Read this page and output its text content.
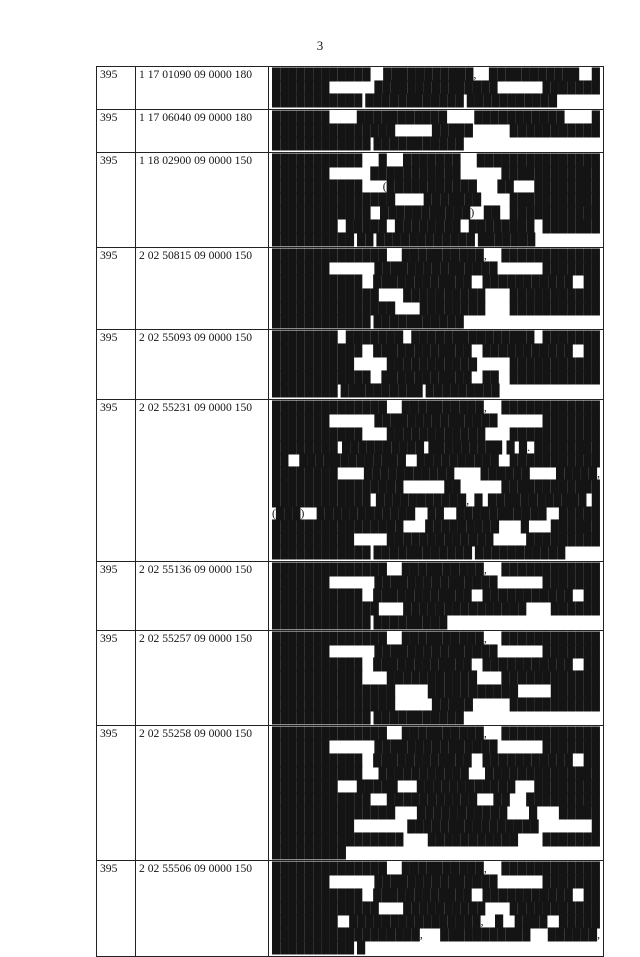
3
395	1 17 01090 09 0000 180	████████████ ███████████, ███████████ █ ███████ ███████████████ ███████ ███████████ ████████████ ███████████
395	1 17 06040 09 0000 180	███████ ███████████ ███████████ █ ███████████████ █████ ███████████ ████████████ ███████████
395	1 18 02900 09 0000 150	███████████ █ ███████ ███████████████ ███████ ███████████ ████████████ ███████████ (███████████ ██ ████████ ███████████████ ███████ ███████████ ████████████ ███████████) ██ ███████████ ████████ █████ ████████ ████████ ███████ ██████████ ██ ████████████ ███████
395	2 02 50815 09 0000 150	██████████████ ██████████, ████████████ ███████ ███████████████ ███████ ███████████ ████████████ ███████████ ██ █████████████ ██████████ ███████████ ███████████████ ████████ ███████████ ████████████ ███████████
395	2 02 55093 09 0000 150	████████ ███████ ███████████████ ███████ ███████████ ████████████ ███████████ ██ ██████████ ███████████ ███████████ ████████████ ███████████ ██ ███████████ ████████ ██████████ █████████
395	2 02 55231 09 0000 150	██████████████ ██████████, ████████████ ███████ ███████████████ ███████ ███████████ ████████████ ███████████ ████████ ██████████ █████████ █ █. ████████ ██ █████████████ ██████████ ███████████ ████████ ███████████ ██████ █████, ████████████████ ██ ████████████ ████████████ ███████████, █ ████████████ █ (███) ████████████ ██ ███████████ █████ ████████████████ █████████ █ ██████ ██████████ █████████████ █████████ ████████████ ████████████ ███████████
395	2 02 55136 09 0000 150	██████████████ ██████████, ████████████ ███████ ███████████████ ███████ ███████████ ████████████ ███████████ ██ █████████████ ███████████████ ██████ ████████████ █████████
395	2 02 55257 09 0000 150	██████████████ ██████████, ████████████ ███████ ███████████████ ███████ ███████████ ████████████ ███████████ ██ ███████████ ███████████ ████████████ ███████████████ ███████████ ██████ ███████████████ █████ ███████████ ████████████ ███████████
395	2 02 55258 09 0000 150	██████████████ ██████████, ████████████ ███████ ███████████████ ███████ ███████████ ████████████ ███████████ ██ ███████████ ███████████ ██████████████ ████████ █████ ████████████ ████████ ████████████ ███████████ ██ █████████ ███████████████ ███████████ █ █████ ██████████ ████████████████ █ ████████████████ ███████████ ███████ █████████
395	2 02 55506 09 0000 150	██████████████ ██████████, ████████████ ███████ ███████████████ ███████ ███████████ ████████████ ███████████ ██ █████████████ ██████████ ███████████ ████████ ████████████████, █ ████ █████ ██████████████████, ███████████ ██████, ██████████ █
